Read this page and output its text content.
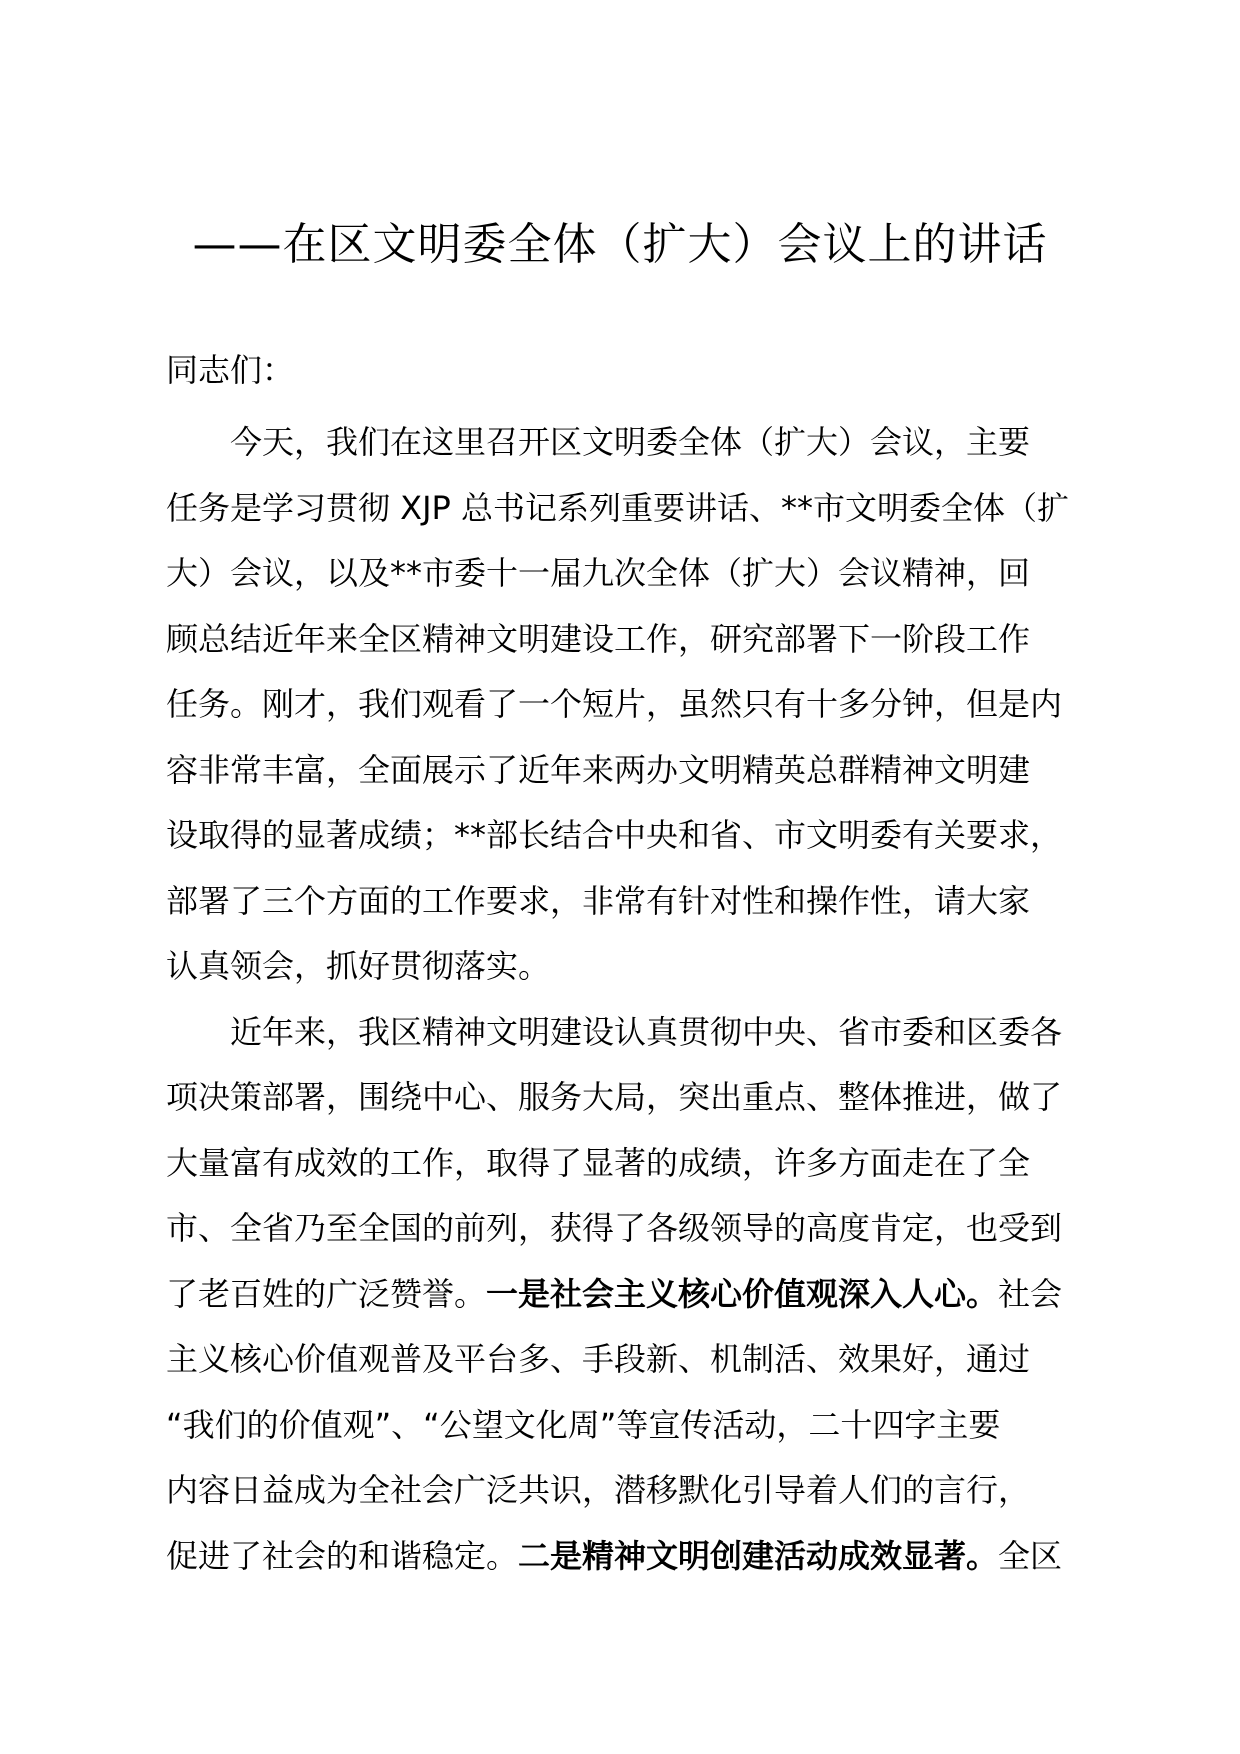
——在区文明委全体（扩大）会议上的讲话
同志们：
今天，我们在这里召开区文明委全体（扩大）会议，主要
任务是学习贯彻 XJP 总书记系列重要讲话、**市文明委全体（扩
大）会议，以及**市委十一届九次全体（扩大）会议精神，回
顾总结近年来全区精神文明建设工作，研究部署下一阶段工作
任务。刚才，我们观看了一个短片，虽然只有十多分钟，但是内
容非常丰富，全面展示了近年来两办文明精英总群精神文明建
设取得的显著成绩；**部长结合中央和省、市文明委有关要求，
部署了三个方面的工作要求，非常有针对性和操作性，请大家
认真领会，抓好贯彻落实。
近年来，我区精神文明建设认真贯彻中央、省市委和区委各
项决策部署，围绕中心、服务大局，突出重点、整体推进，做了
大量富有成效的工作，取得了显著的成绩，许多方面走在了全
市、全省乃至全国的前列，获得了各级领导的高度肯定，也受到
了老百姓的广泛赞誉。一是社会主义核心价值观深入人心。社会
主义核心价值观普及平台多、手段新、机制活、效果好，通过
“我们的价值观”、“公望文化周”等宣传活动，二十四字主要
内容日益成为全社会广泛共识，潜移默化引导着人们的言行，
促进了社会的和谐稳定。二是精神文明创建活动成效显著。全区
